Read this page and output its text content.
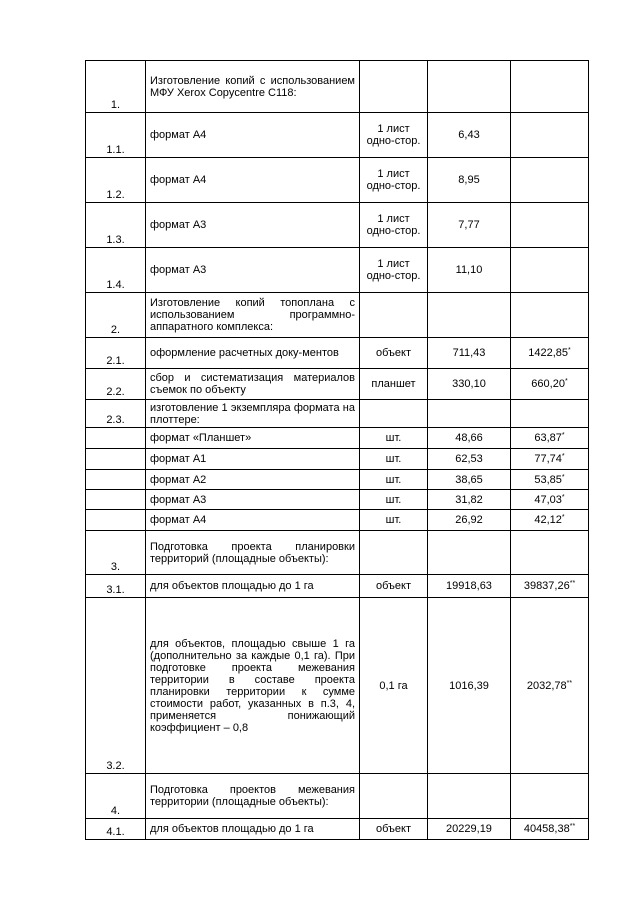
1.	Изготовление копий с использованием МФУ Xerox Copycentre C118:			
1.1.	формат А4	1 лист одно-стор.	6,43	
1.2.	формат А4	1 лист одно-стор.	8,95	
1.3.	формат А3	1 лист одно-стор.	7,77	
1.4.	формат А3	1 лист одно-стор.	11,10	
2.	Изготовление копий топоплана с использованием программно-аппаратного комплекса:			
2.1.	оформление расчетных доку-ментов	объект	711,43	1422,85*
2.2.	сбор и систематизация материалов съемок по объекту	планшет	330,10	660,20*
2.3.	изготовление 1 экземпляра формата на плоттере:			
	формат «Планшет»	шт.	48,66	63,87*
	формат А1	шт.	62,53	77,74*
	формат А2	шт.	38,65	53,85*
	формат А3	шт.	31,82	47,03*
	формат А4	шт.	26,92	42,12*
3.	Подготовка проекта планировки территорий (площадные объекты):			
3.1.	для объектов площадью до 1 га	объект	19918,63	39837,26**
3.2.	для объектов, площадью свыше 1 га (дополнительно за каждые 0,1 га). При подготовке проекта межевания территории в составе проекта планировки территории к сумме стоимости работ, указанных в п.3, 4, применяется понижающий коэффициент – 0,8	0,1 га	1016,39	2032,78**
4.	Подготовка проектов межевания территории (площадные объекты):			
4.1.	для объектов площадью до 1 га	объект	20229,19	40458,38**
